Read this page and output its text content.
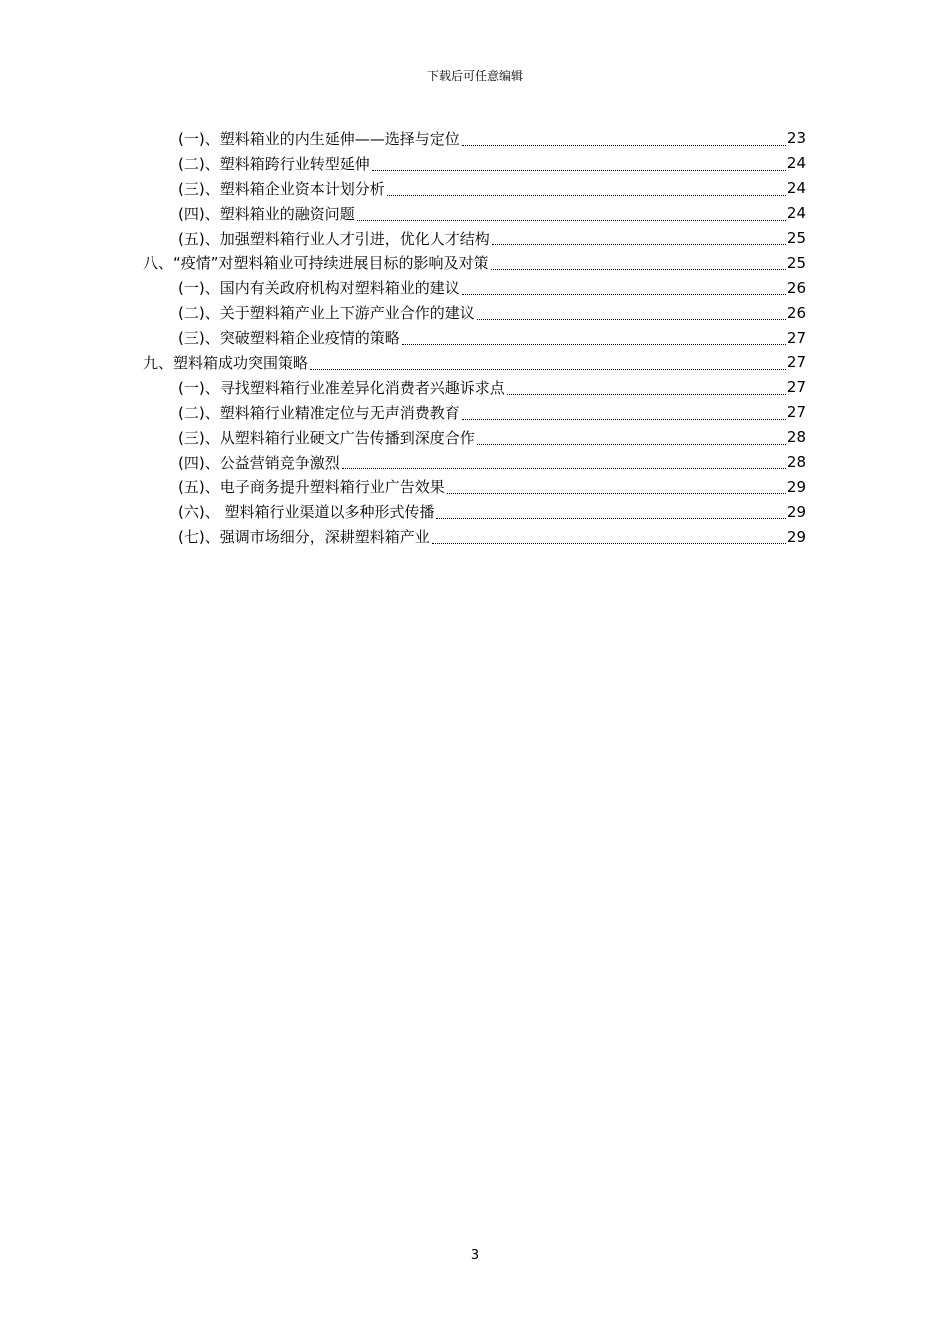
下载后可任意编辑
(一)、塑料箱业的内生延伸——选择与定位	23
(二)、塑料箱跨行业转型延伸	24
(三)、塑料箱企业资本计划分析	24
(四)、塑料箱业的融资问题	24
(五)、加强塑料箱行业人才引进，优化人才结构	25
八、“疫情”对塑料箱业可持续进展目标的影响及对策	25
(一)、国内有关政府机构对塑料箱业的建议	26
(二)、关于塑料箱产业上下游产业合作的建议	26
(三)、突破塑料箱企业疫情的策略	27
九、塑料箱成功突围策略	27
(一)、寻找塑料箱行业准差异化消费者兴趣诉求点	27
(二)、塑料箱行业精准定位与无声消费教育	27
(三)、从塑料箱行业硬文广告传播到深度合作	28
(四)、公益营销竞争激烈	28
(五)、电子商务提升塑料箱行业广告效果	29
(六)、 塑料箱行业渠道以多种形式传播	29
(七)、强调市场细分，深耕塑料箱产业	29
3
